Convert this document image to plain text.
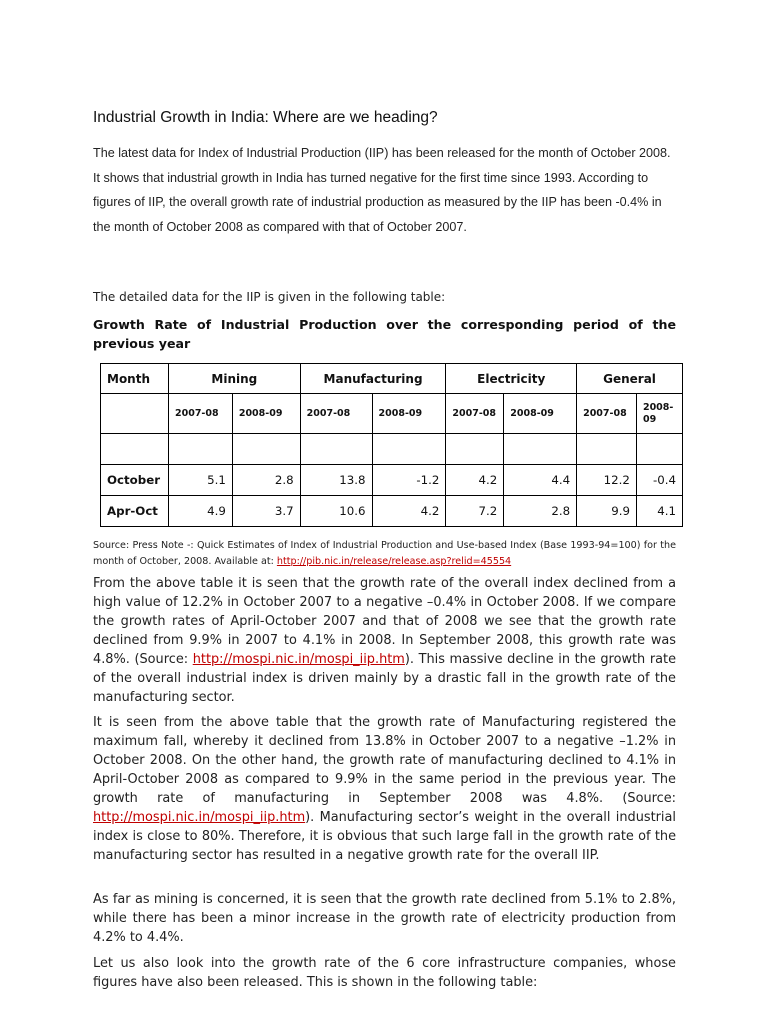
Industrial Growth in India: Where are we heading?

The latest data for Index of Industrial Production (IIP) has been released for the month of October 2008. It shows that industrial growth in India has turned negative for the first time since 1993. According to figures of IIP, the overall growth rate of industrial production as measured by the IIP has been -0.4% in the month of October 2008 as compared with that of October 2007.

The detailed data for the IIP is given in the following table:

Growth Rate of Industrial Production over the corresponding period of the previous year

Month	Mining		Manufacturing		Electricity		General	
	2007-08	2008-09	2007-08	2008-09	2007-08	2008-09	2007-08	2008-09

October	5.1	2.8	13.8	-1.2	4.2	4.4	12.2	-0.4
Apr-Oct	4.9	3.7	10.6	4.2	7.2	2.8	9.9	4.1

Source: Press Note -: Quick Estimates of Index of Industrial Production and Use-based Index (Base 1993-94=100) for the month of October, 2008. Available at: http://pib.nic.in/release/release.asp?relid=45554

From the above table it is seen that the growth rate of the overall index declined from a high value of 12.2% in October 2007 to a negative –0.4% in October 2008. If we compare the growth rates of April-October 2007 and that of 2008 we see that the growth rate declined from 9.9% in 2007 to 4.1% in 2008. In September 2008, this growth rate was 4.8%. (Source: http://mospi.nic.in/mospi_iip.htm). This massive decline in the growth rate of the overall industrial index is driven mainly by a drastic fall in the growth rate of the manufacturing sector.

It is seen from the above table that the growth rate of Manufacturing registered the maximum fall, whereby it declined from 13.8% in October 2007 to a negative –1.2% in October 2008. On the other hand, the growth rate of manufacturing declined to 4.1% in April-October 2008 as compared to 9.9% in the same period in the previous year. The growth rate of manufacturing in September 2008 was 4.8%. (Source: http://mospi.nic.in/mospi_iip.htm). Manufacturing sector’s weight in the overall industrial index is close to 80%. Therefore, it is obvious that such large fall in the growth rate of the manufacturing sector has resulted in a negative growth rate for the overall IIP.

As far as mining is concerned, it is seen that the growth rate declined from 5.1% to 2.8%, while there has been a minor increase in the growth rate of electricity production from 4.2% to 4.4%.

Let us also look into the growth rate of the 6 core infrastructure companies, whose figures have also been released. This is shown in the following table:
